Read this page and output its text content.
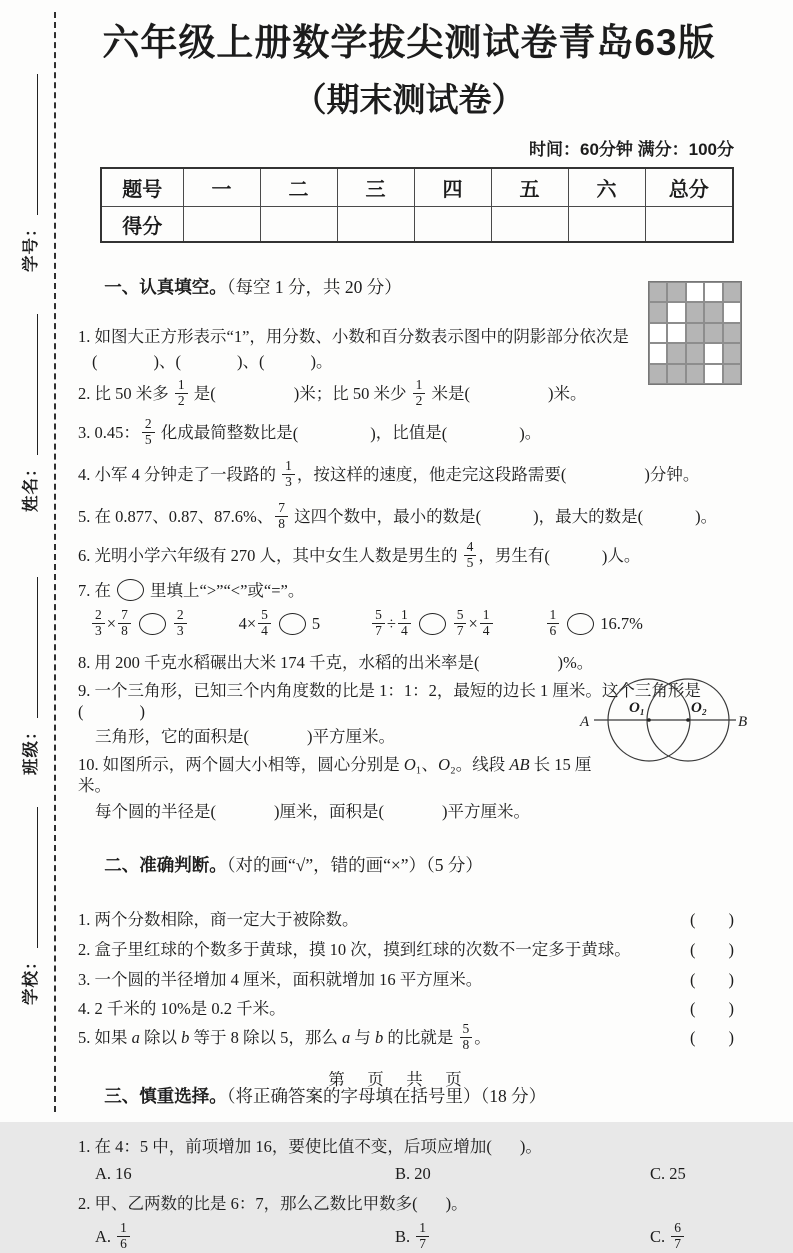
学号：
姓名：
班级：
学校：
六年级上册数学拔尖测试卷青岛63版
（期末测试卷）
时间：60分钟 满分：100分
题号	一	二	三	四	五	六	总分
得分							

一、认真填空。（每空 1 分，共 20 分）

1. 如图大正方形表示“1”，用分数、小数和百分数表示图中的阴影部分依次是
(	)、(	)、(	)。
2. 比 50 米多 $\frac{1}{2}$ 是(	)米；比 50 米少 $\frac{1}{2}$ 米是(	)米。
3. 0.45： $\frac{2}{5}$ 化成最简整数比是(	)，比值是(	)。
4. 小军 4 分钟走了一段路的 $\frac{1}{3}$ ，按这样的速度，他走完这段路需要(	)分钟。
5. 在 0.877、0.87、87.6%、 $\frac{7}{8}$ 这四个数中，最小的数是(	)，最大的数是(	)。
6. 光明小学六年级有 270 人，其中女生人数是男生的 $\frac{4}{5}$ ，男生有(	)人。
7. 在 里填上“>”“<”或“=”。
$\frac{2}{3} \times \frac{7}{8}$	$\frac{2}{3}$	$4\times \frac{5}{4} 5$	$\frac{5}{7} \div \frac{1}{4}$	$\frac{5}{7} \times \frac{1}{4}$	$\frac{1}{6} 16.7\%$
8. 用 200 千克水稻碾出大米 174 千克，水稻的出米率是(	)%。
9. 一个三角形，已知三个内角度数的比是 1：1：2，最短的边长 1 厘米。这个三角形是(	)
三角形，它的面积是(	)平方厘米。
10. 如图所示，两个圆大小相等，圆心分别是 O₁、O₂。线段 AB 长 15 厘米。
每个圆的半径是(	)厘米，面积是(	)平方厘米。

二、准确判断。（对的画“√”，错的画“×”）（5 分）

1. 两个分数相除，商一定大于被除数。	(　　)
2. 盒子里红球的个数多于黄球，摸 10 次，摸到红球的次数不一定多于黄球。	(　　)
3. 一个圆的半径增加 4 厘米，面积就增加 16 平方厘米。	(　　)
4. 2 千米的 10%是 0.2 千米。	(　　)
5. 如果 a 除以 b 等于 8 除以 5，那么 a 与 b 的比就是 $\frac{5}{8}$ 。	(　　)

三、慎重选择。（将正确答案的字母填在括号里）（18 分）

1. 在 4：5 中，前项增加 16，要使比值不变，后项应增加( )。
A. 16	B. 20	C. 25
2. 甲、乙两数的比是 6：7，那么乙数比甲数多( )。
A. $\frac{1}{6}$	B. $\frac{1}{7}$	C. $\frac{6}{7}$
A
O₁	O₂
B
第　页　共　页
